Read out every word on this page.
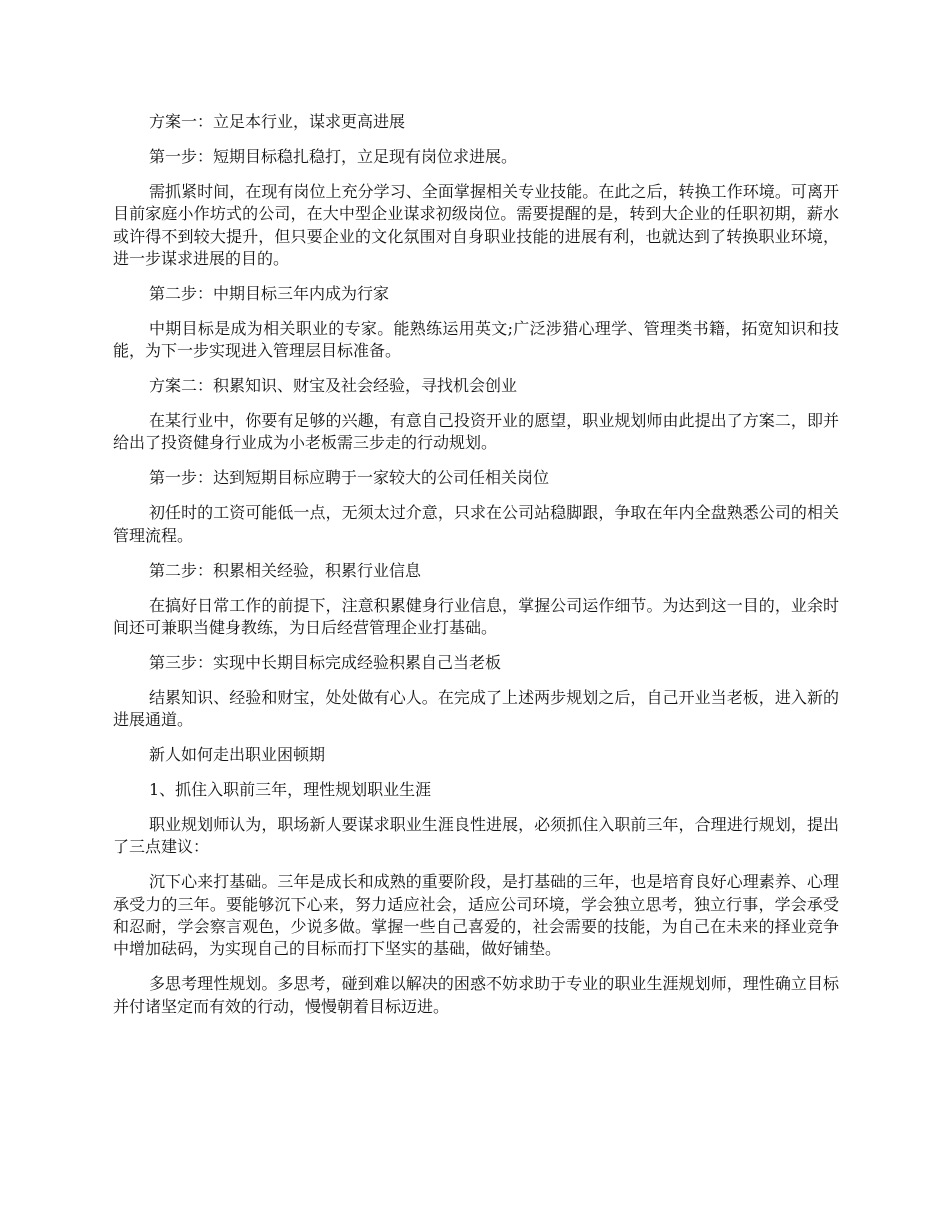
方案一：立足本行业，谋求更高进展

第一步：短期目标稳扎稳打，立足现有岗位求进展。

需抓紧时间，在现有岗位上充分学习、全面掌握相关专业技能。在此之后，转换工作环境。可离开目前家庭小作坊式的公司，在大中型企业谋求初级岗位。需要提醒的是，转到大企业的任职初期，薪水或许得不到较大提升，但只要企业的文化氛围对自身职业技能的进展有利，也就达到了转换职业环境，进一步谋求进展的目的。

第二步：中期目标三年内成为行家

中期目标是成为相关职业的专家。能熟练运用英文;广泛涉猎心理学、管理类书籍，拓宽知识和技能，为下一步实现进入管理层目标准备。

方案二：积累知识、财宝及社会经验，寻找机会创业

在某行业中，你要有足够的兴趣，有意自己投资开业的愿望，职业规划师由此提出了方案二，即并给出了投资健身行业成为小老板需三步走的行动规划。

第一步：达到短期目标应聘于一家较大的公司任相关岗位

初任时的工资可能低一点，无须太过介意，只求在公司站稳脚跟，争取在年内全盘熟悉公司的相关管理流程。

第二步：积累相关经验，积累行业信息

在搞好日常工作的前提下，注意积累健身行业信息，掌握公司运作细节。为达到这一目的，业余时间还可兼职当健身教练，为日后经营管理企业打基础。

第三步：实现中长期目标完成经验积累自己当老板

结累知识、经验和财宝，处处做有心人。在完成了上述两步规划之后，自己开业当老板，进入新的进展通道。

新人如何走出职业困顿期

1、抓住入职前三年，理性规划职业生涯

职业规划师认为，职场新人要谋求职业生涯良性进展，必须抓住入职前三年，合理进行规划，提出了三点建议：

沉下心来打基础。三年是成长和成熟的重要阶段，是打基础的三年，也是培育良好心理素养、心理承受力的三年。要能够沉下心来，努力适应社会，适应公司环境，学会独立思考，独立行事，学会承受和忍耐，学会察言观色，少说多做。掌握一些自己喜爱的，社会需要的技能，为自己在未来的择业竞争中增加砝码，为实现自己的目标而打下坚实的基础，做好铺垫。

多思考理性规划。多思考，碰到难以解决的困惑不妨求助于专业的职业生涯规划师，理性确立目标并付诸坚定而有效的行动，慢慢朝着目标迈进。
